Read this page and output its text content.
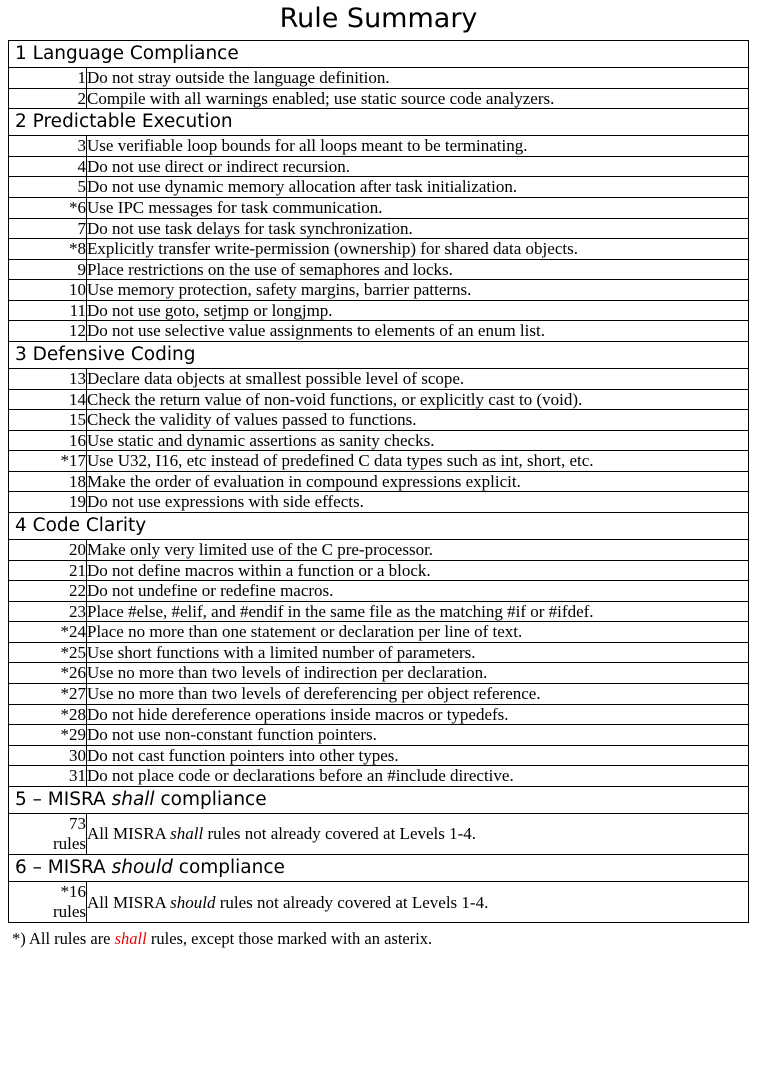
Rule Summary
1 Language Compliance	
1	Do not stray outside the language definition.
2	Compile with all warnings enabled; use static source code analyzers.
2 Predictable Execution	
3	Use verifiable loop bounds for all loops meant to be terminating.
4	Do not use direct or indirect recursion.
5	Do not use dynamic memory allocation after task initialization.
*6	Use IPC messages for task communication.
7	Do not use task delays for task synchronization.
*8	Explicitly transfer write-permission (ownership) for shared data objects.
9	Place restrictions on the use of semaphores and locks.
10	Use memory protection, safety margins, barrier patterns.
11	Do not use goto, setjmp or longjmp.
12	Do not use selective value assignments to elements of an enum list.
3 Defensive Coding	
13	Declare data objects at smallest possible level of scope.
14	Check the return value of non-void functions, or explicitly cast to (void).
15	Check the validity of values passed to functions.
16	Use static and dynamic assertions as sanity checks.
*17	Use U32, I16, etc instead of predefined C data types such as int, short, etc.
18	Make the order of evaluation in compound expressions explicit.
19	Do not use expressions with side effects.
4 Code Clarity	
20	Make only very limited use of the C pre-processor.
21	Do not define macros within a function or a block.
22	Do not undefine or redefine macros.
23	Place #else, #elif, and #endif in the same file as the matching #if or #ifdef.
*24	Place no more than one statement or declaration per line of text.
*25	Use short functions with a limited number of parameters.
*26	Use no more than two levels of indirection per declaration.
*27	Use no more than two levels of dereferencing per object reference.
*28	Do not hide dereference operations inside macros or typedefs.
*29	Do not use non-constant function pointers.
30	Do not cast function pointers into other types.
31	Do not place code or declarations before an #include directive.
5 – MISRA shall compliance	
73
rules	All MISRA shall rules not already covered at Levels 1-4.
6 – MISRA should compliance	
*16
rules	All MISRA should rules not already covered at Levels 1-4.
*) All rules are shall rules, except those marked with an asterix.
